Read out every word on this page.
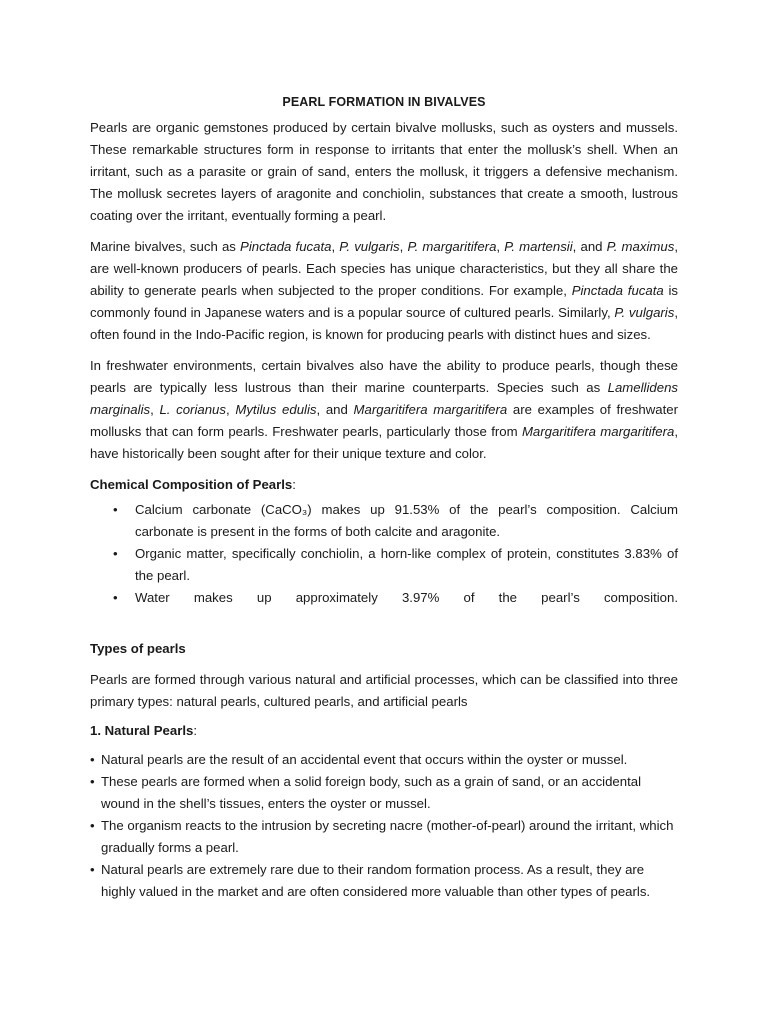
PEARL FORMATION IN BIVALVES

Pearls are organic gemstones produced by certain bivalve mollusks, such as oysters and mussels. These remarkable structures form in response to irritants that enter the mollusk’s shell. When an irritant, such as a parasite or grain of sand, enters the mollusk, it triggers a defensive mechanism. The mollusk secretes layers of aragonite and conchiolin, substances that create a smooth, lustrous coating over the irritant, eventually forming a pearl.

Marine bivalves, such as Pinctada fucata, P. vulgaris, P. margaritifera, P. martensii, and P. maximus, are well-known producers of pearls. Each species has unique characteristics, but they all share the ability to generate pearls when subjected to the proper conditions. For example, Pinctada fucata is commonly found in Japanese waters and is a popular source of cultured pearls. Similarly, P. vulgaris, often found in the Indo-Pacific region, is known for producing pearls with distinct hues and sizes.

In freshwater environments, certain bivalves also have the ability to produce pearls, though these pearls are typically less lustrous than their marine counterparts. Species such as Lamellidens marginalis, L. corianus, Mytilus edulis, and Margaritifera margaritifera are examples of freshwater mollusks that can form pearls. Freshwater pearls, particularly those from Margaritifera margaritifera, have historically been sought after for their unique texture and color.

Chemical Composition of Pearls:
• Calcium carbonate (CaCO₃) makes up 91.53% of the pearl’s composition. Calcium carbonate is present in the forms of both calcite and aragonite.
• Organic matter, specifically conchiolin, a horn-like complex of protein, constitutes 3.83% of the pearl.
• Water makes up approximately 3.97% of the pearl’s composition.
Types of pearls

Pearls are formed through various natural and artificial processes, which can be classified into three primary types: natural pearls, cultured pearls, and artificial pearls

1. Natural Pearls:
• Natural pearls are the result of an accidental event that occurs within the oyster or mussel.
• These pearls are formed when a solid foreign body, such as a grain of sand, or an accidental wound in the shell’s tissues, enters the oyster or mussel.
• The organism reacts to the intrusion by secreting nacre (mother-of-pearl) around the irritant, which gradually forms a pearl.
• Natural pearls are extremely rare due to their random formation process. As a result, they are highly valued in the market and are often considered more valuable than other types of pearls.
